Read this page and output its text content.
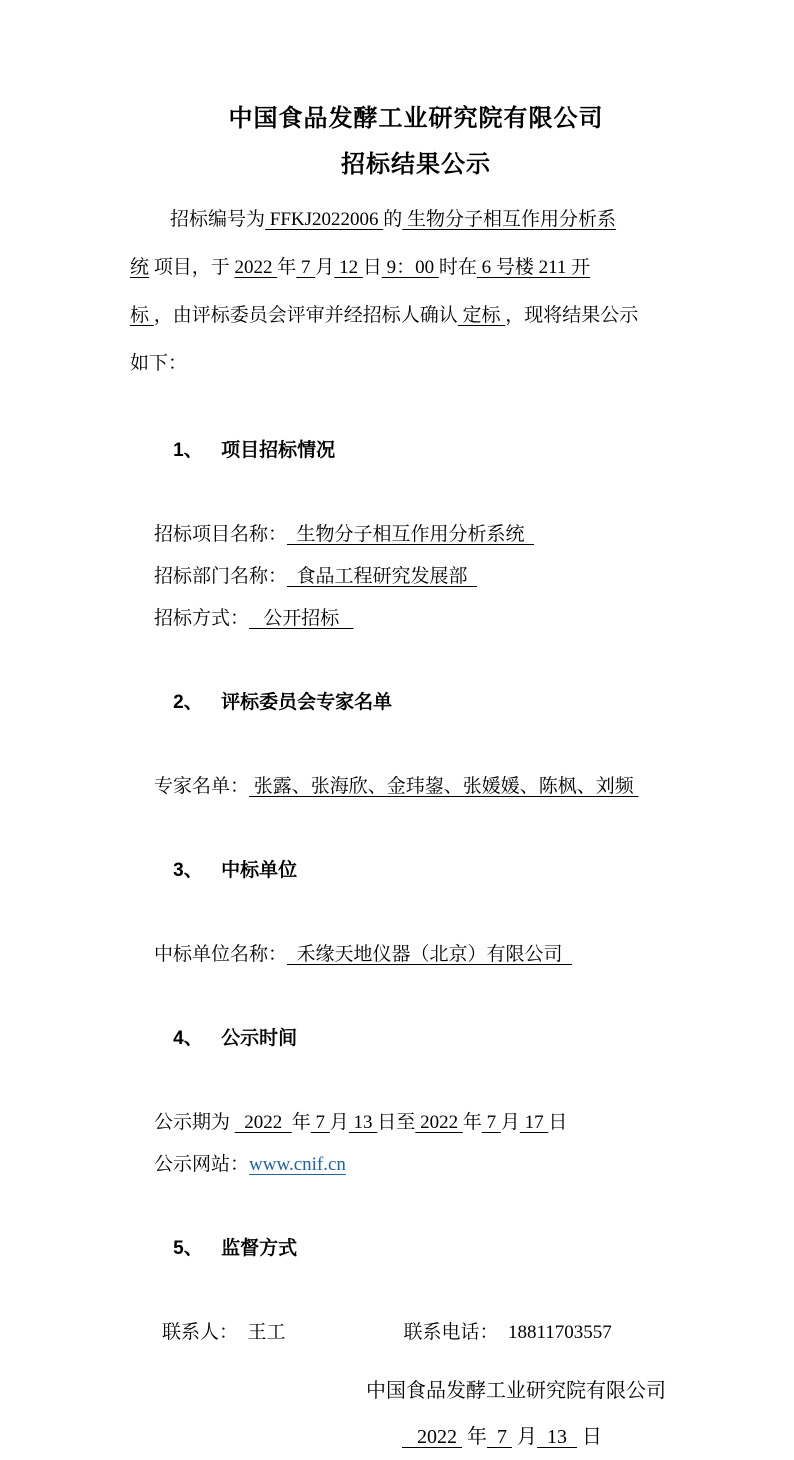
中国食品发酵工业研究院有限公司
招标结果公示
招标编号为 FFKJ2022006 的 生物分子相互作用分析系
统 项目，于 2022 年 7 月 12 日 9：00 时在 6 号楼 211 开
标 ，由评标委员会评审并经招标人确认 定标 ，现将结果公示
如下：

1、 项目招标情况

招标项目名称：  生物分子相互作用分析系统
招标部门名称：  食品工程研究发展部
招标方式：   公开招标

2、 评标委员会专家名单

专家名单： 张露、张海欣、金玮鋆、张媛媛、陈枫、刘频

3、 中标单位

中标单位名称：  禾缘天地仪器（北京）有限公司

4、 公示时间

公示期为   2022  年 7 月 13 日至 2022 年 7 月 17 日
公示网站：www.cnif.cn

5、 监督方式

联系人：  王工	联系电话：  18811703557

中国食品发酵工业研究院有限公司

2022  年  7  月  13   日
